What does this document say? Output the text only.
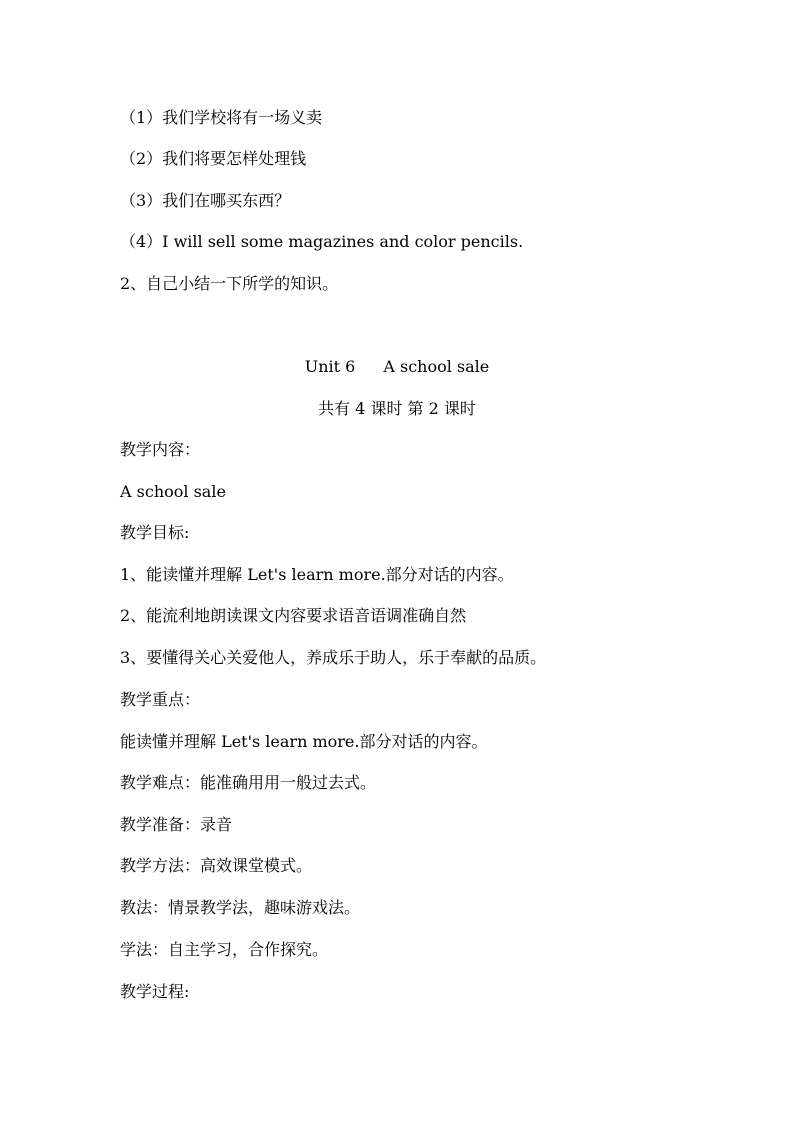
（1）我们学校将有一场义卖
（2）我们将要怎样处理钱
（3）我们在哪买东西？
（4）I will sell some magazines and color pencils.
2、自己小结一下所学的知识。
Unit 6 A school sale
共有 4 课时 第 2 课时
教学内容：
A school sale
教学目标:
1、能读懂并理解 Let's learn more.部分对话的内容。
2、能流利地朗读课文内容要求语音语调准确自然
3、要懂得关心关爱他人，养成乐于助人，乐于奉献的品质。
教学重点：
能读懂并理解 Let's learn more.部分对话的内容。
教学难点：能准确用用一般过去式。
教学准备：录音
教学方法：高效课堂模式。
教法：情景教学法，趣味游戏法。
学法：自主学习，合作探究。
教学过程:
